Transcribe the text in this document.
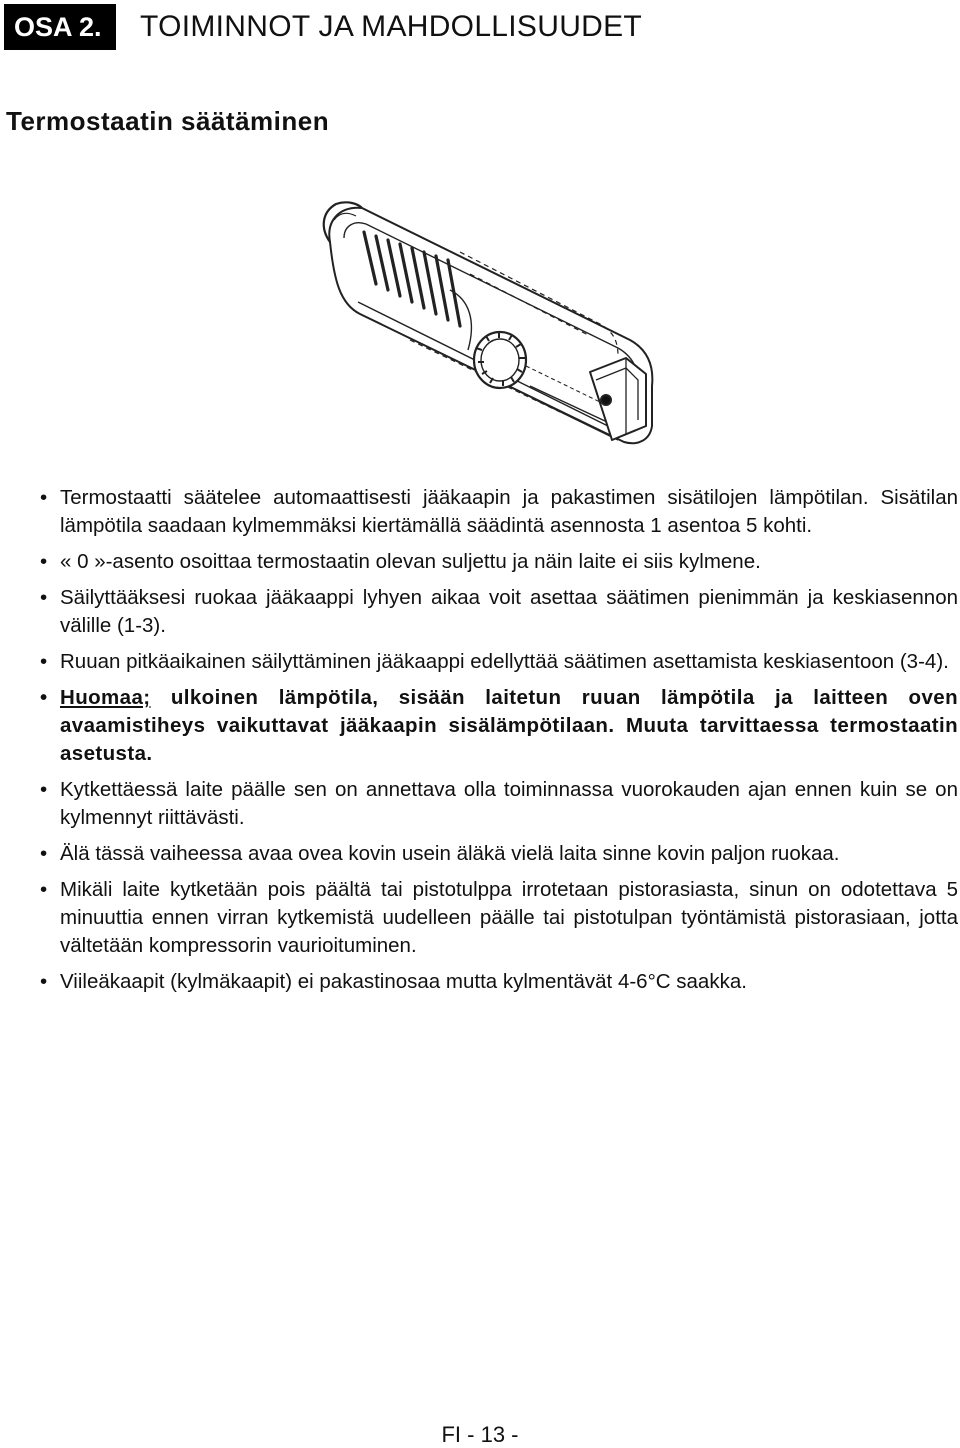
OSA 2.	TOIMINNOT JA MAHDOLLISUUDET
Termostaatin säätäminen
• Termostaatti säätelee automaattisesti jääkaapin ja pakastimen sisätilojen lämpötilan. Sisätilan lämpötila saadaan kylmemmäksi kiertämällä säädintä asennosta 1 asentoa 5 kohti.
• « 0 »-asento osoittaa termostaatin olevan suljettu ja näin laite ei siis kylmene.
• Säilyttääksesi ruokaa jääkaappi lyhyen aikaa voit asettaa säätimen pienimmän ja keskiasennon välille (1-3).
• Ruuan pitkäaikainen säilyttäminen jääkaappi edellyttää säätimen asettamista keskiasentoon (3-4).
• Huomaa; ulkoinen lämpötila, sisään laitetun ruuan lämpötila ja laitteen oven avaamistiheys vaikuttavat jääkaapin sisälämpötilaan. Muuta tarvittaessa termostaatin asetusta.
• Kytkettäessä laite päälle sen on annettava olla toiminnassa vuorokauden ajan ennen kuin se on kylmennyt riittävästi.
• Älä tässä vaiheessa avaa ovea kovin usein äläkä vielä laita sinne kovin paljon ruokaa.
• Mikäli laite kytketään pois päältä tai pistotulppa irrotetaan pistorasiasta, sinun on odotettava 5 minuuttia ennen virran kytkemistä uudelleen päälle tai pistotulpan työntämistä pistorasiaan, jotta vältetään kompressorin vaurioituminen.
• Viileäkaapit (kylmäkaapit) ei pakastinosaa mutta kylmentävät 4-6°C saakka.
FI - 13 -
